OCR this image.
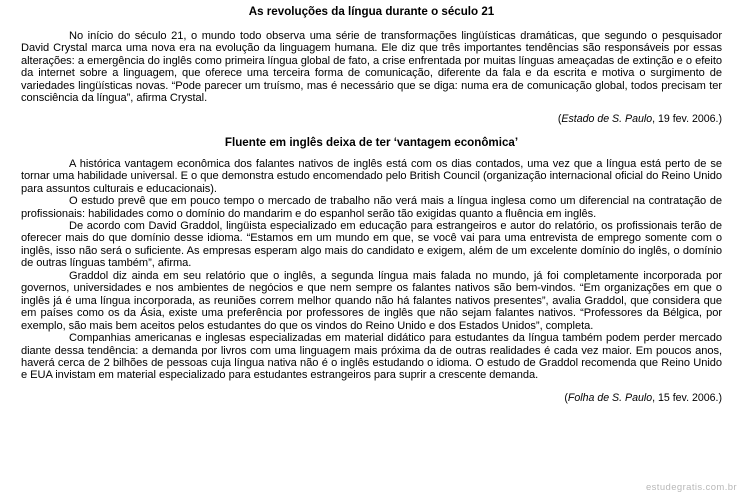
As revoluções da língua durante o século 21

No início do século 21, o mundo todo observa uma série de transformações lingüísticas dramáticas, que segundo o pesquisador David Crystal marca uma nova era na evolução da linguagem humana. Ele diz que três importantes tendências são responsáveis por essas alterações: a emergência do inglês como primeira língua global de fato, a crise enfrentada por muitas línguas ameaçadas de extinção e o efeito da internet sobre a linguagem, que oferece uma terceira forma de comunicação, diferente da fala e da escrita e motiva o surgimento de variedades lingüísticas novas. “Pode parecer um truísmo, mas é necessário que se diga: numa era de comunicação global, todos precisam ter consciência da língua”, afirma Crystal.

(Estado de S. Paulo, 19 fev. 2006.)
Fluente em inglês deixa de ter ‘vantagem econômica’

A histórica vantagem econômica dos falantes nativos de inglês está com os dias contados, uma vez que a língua está perto de se tornar uma habilidade universal. E o que demonstra estudo encomendado pelo British Council (organização internacional oficial do Reino Unido para assuntos culturais e educacionais).

O estudo prevê que em pouco tempo o mercado de trabalho não verá mais a língua inglesa como um diferencial na contratação de profissionais: habilidades como o domínio do mandarim e do espanhol serão tão exigidas quanto a fluência em inglês.

De acordo com David Graddol, lingüista especializado em educação para estrangeiros e autor do relatório, os profissionais terão de oferecer mais do que domínio desse idioma. “Estamos em um mundo em que, se você vai para uma entrevista de emprego somente com o inglês, isso não será o suficiente. As empresas esperam algo mais do candidato e exigem, além de um excelente domínio do inglês, o domínio de outras línguas também”, afirma.

Graddol diz ainda em seu relatório que o inglês, a segunda língua mais falada no mundo, já foi completamente incorporada por governos, universidades e nos ambientes de negócios e que nem sempre os falantes nativos são bem-vindos. “Em organizações em que o inglês já é uma língua incorporada, as reuniões correm melhor quando não há falantes nativos presentes”, avalia Graddol, que considera que em países como os da Ásia, existe uma preferência por professores de inglês que não sejam falantes nativos. “Professores da Bélgica, por exemplo, são mais bem aceitos pelos estudantes do que os vindos do Reino Unido e dos Estados Unidos”, completa.

Companhias americanas e inglesas especializadas em material didático para estudantes da língua também podem perder mercado diante dessa tendência: a demanda por livros com uma linguagem mais próxima da de outras realidades é cada vez maior. Em poucos anos, haverá cerca de 2 bilhões de pessoas cuja língua nativa não é o inglês estudando o idioma. O estudo de Graddol recomenda que Reino Unido e EUA invistam em material especializado para estudantes estrangeiros para suprir a crescente demanda.

(Folha de S. Paulo, 15 fev. 2006.)
estudegratis.com.br
